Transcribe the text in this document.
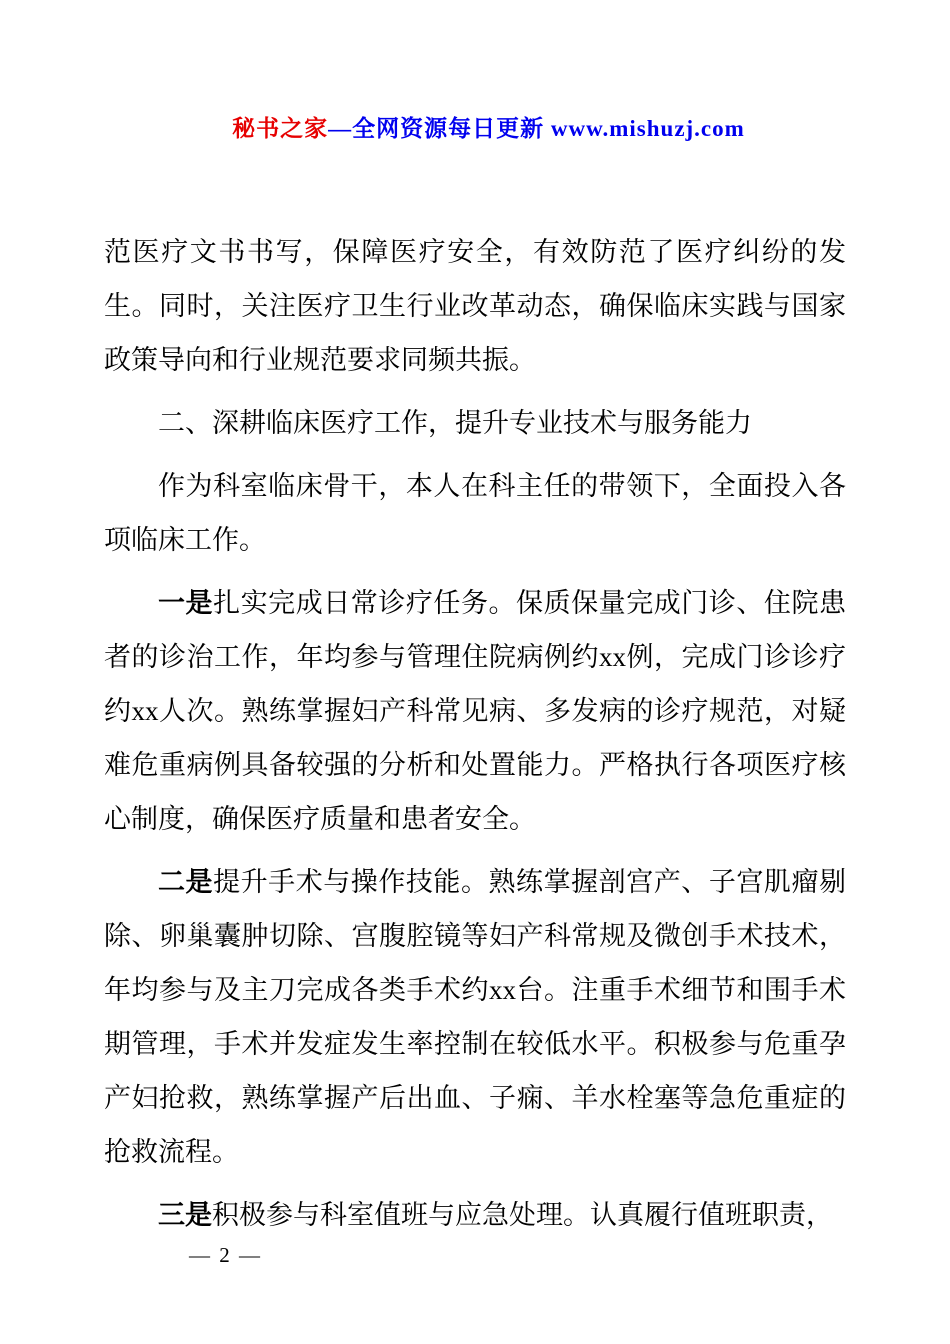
秘书之家—全网资源每日更新 www.mishuzj.com

范医疗文书书写，保障医疗安全，有效防范了医疗纠纷的发生。同时，关注医疗卫生行业改革动态，确保临床实践与国家政策导向和行业规范要求同频共振。

二、深耕临床医疗工作，提升专业技术与服务能力

作为科室临床骨干，本人在科主任的带领下，全面投入各项临床工作。

一是扎实完成日常诊疗任务。保质保量完成门诊、住院患者的诊治工作，年均参与管理住院病例约xx例，完成门诊诊疗约xx人次。熟练掌握妇产科常见病、多发病的诊疗规范，对疑难危重病例具备较强的分析和处置能力。严格执行各项医疗核心制度，确保医疗质量和患者安全。

二是提升手术与操作技能。熟练掌握剖宫产、子宫肌瘤剔除、卵巢囊肿切除、宫腹腔镜等妇产科常规及微创手术技术，年均参与及主刀完成各类手术约xx台。注重手术细节和围手术期管理，手术并发症发生率控制在较低水平。积极参与危重孕产妇抢救，熟练掌握产后出血、子痫、羊水栓塞等急危重症的抢救流程。

三是积极参与科室值班与应急处理。认真履行值班职责，

— 2 —
